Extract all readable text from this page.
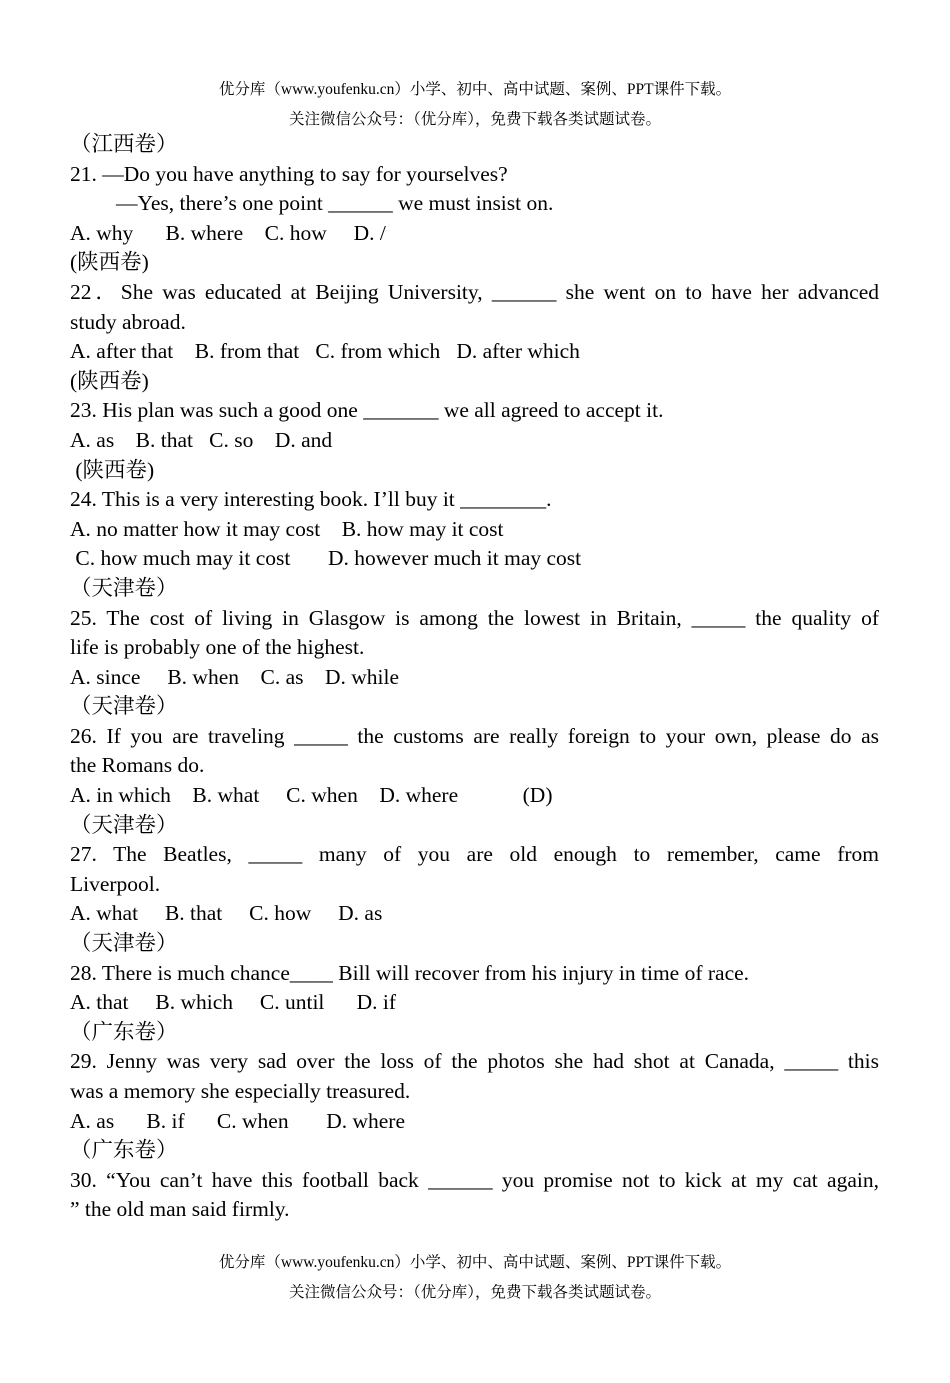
优分库（www.youfenku.cn）小学、初中、高中试题、案例、PPT课件下载。
关注微信公众号：（优分库），免费下载各类试题试卷。
（江西卷）
21. —Do you have anything to say for yourselves?
—Yes, there’s one point ______ we must insist on.
A. why      B. where    C. how     D. /
(陕西卷)
22．She was educated at Beijing University, ______ she went on to have her advanced
study abroad.
A. after that    B. from that   C. from which   D. after which
(陕西卷)
23. His plan was such a good one _______ we all agreed to accept it.
A. as    B. that   C. so    D. and
(陕西卷)
24. This is a very interesting book. I’ll buy it ________.
A. no matter how it may cost    B. how may it cost
C. how much may it cost       D. however much it may cost
（天津卷）
25. The cost of living in Glasgow is among the lowest in Britain, _____ the quality of
life is probably one of the highest.
A. since     B. when    C. as    D. while
（天津卷）
26. If you are traveling _____ the customs are really foreign to your own, please do as
the Romans do.
A. in which    B. what     C. when    D. where            (D)
（天津卷）
27. The Beatles, _____ many of you are old enough to remember, came from
Liverpool.
A. what     B. that     C. how     D. as
（天津卷）
28. There is much chance____ Bill will recover from his injury in time of race.
A. that     B. which     C. until      D. if
（广东卷）
29. Jenny was very sad over the loss of the photos she had shot at Canada, _____ this
was a memory she especially treasured.
A. as      B. if      C. when       D. where
（广东卷）
30. “You can’t have this football back ______ you promise not to kick at my cat again,
” the old man said firmly.
优分库（www.youfenku.cn）小学、初中、高中试题、案例、PPT课件下载。
关注微信公众号：（优分库），免费下载各类试题试卷。
